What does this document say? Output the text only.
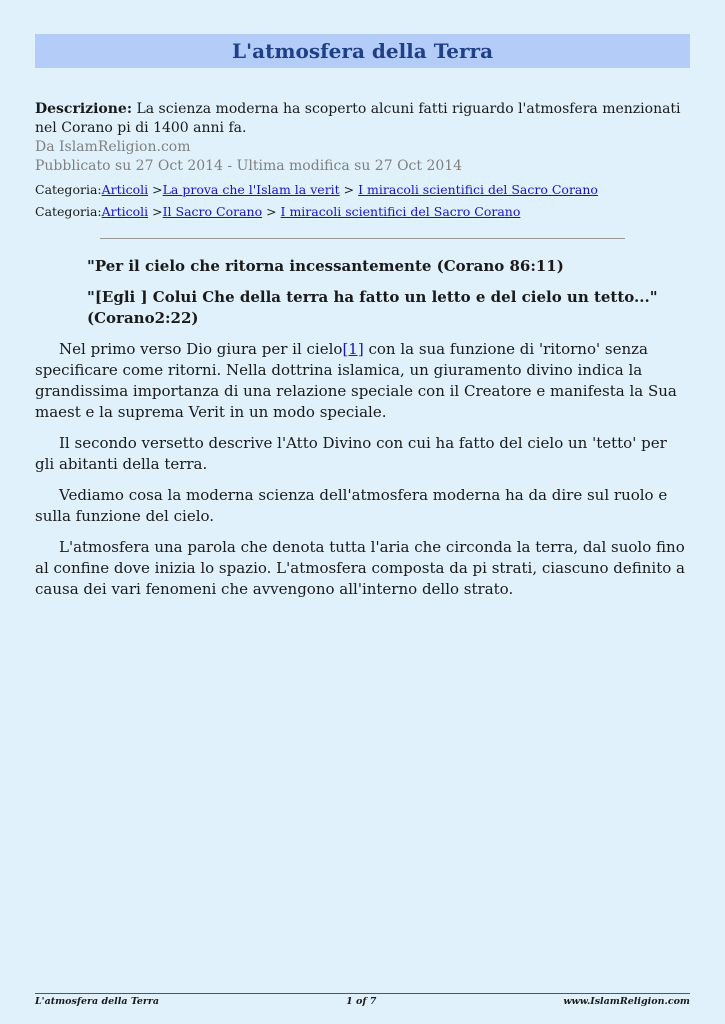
L'atmosfera della Terra
Descrizione: La scienza moderna ha scoperto alcuni fatti riguardo l'atmosfera menzionati nel Corano pi di 1400 anni fa.
Da IslamReligion.com
Pubblicato su 27 Oct 2014 - Ultima modifica su 27 Oct 2014
Categoria:Articoli >La prova che l'Islam la verit > I miracoli scientifici del Sacro Corano
Categoria:Articoli >Il Sacro Corano > I miracoli scientifici del Sacro Corano
"Per il cielo che ritorna incessantemente (Corano 86:11)
"[Egli ] Colui Che della terra ha fatto un letto e del cielo un tetto..." (Corano2:22)

Nel primo verso Dio giura per il cielo[1] con la sua funzione di 'ritorno' senza specificare come ritorni. Nella dottrina islamica, un giuramento divino indica la grandissima importanza di una relazione speciale con il Creatore e manifesta la Sua maest e la suprema Verit in un modo speciale.

Il secondo versetto descrive l'Atto Divino con cui ha fatto del cielo un 'tetto' per gli abitanti della terra.

Vediamo cosa la moderna scienza dell'atmosfera moderna ha da dire sul ruolo e sulla funzione del cielo.

L'atmosfera una parola che denota tutta l'aria che circonda la terra, dal suolo fino al confine dove inizia lo spazio. L'atmosfera composta da pi strati, ciascuno definito a causa dei vari fenomeni che avvengono all'interno dello strato.

L'atmosfera della Terra	1 of 7	www.IslamReligion.com
